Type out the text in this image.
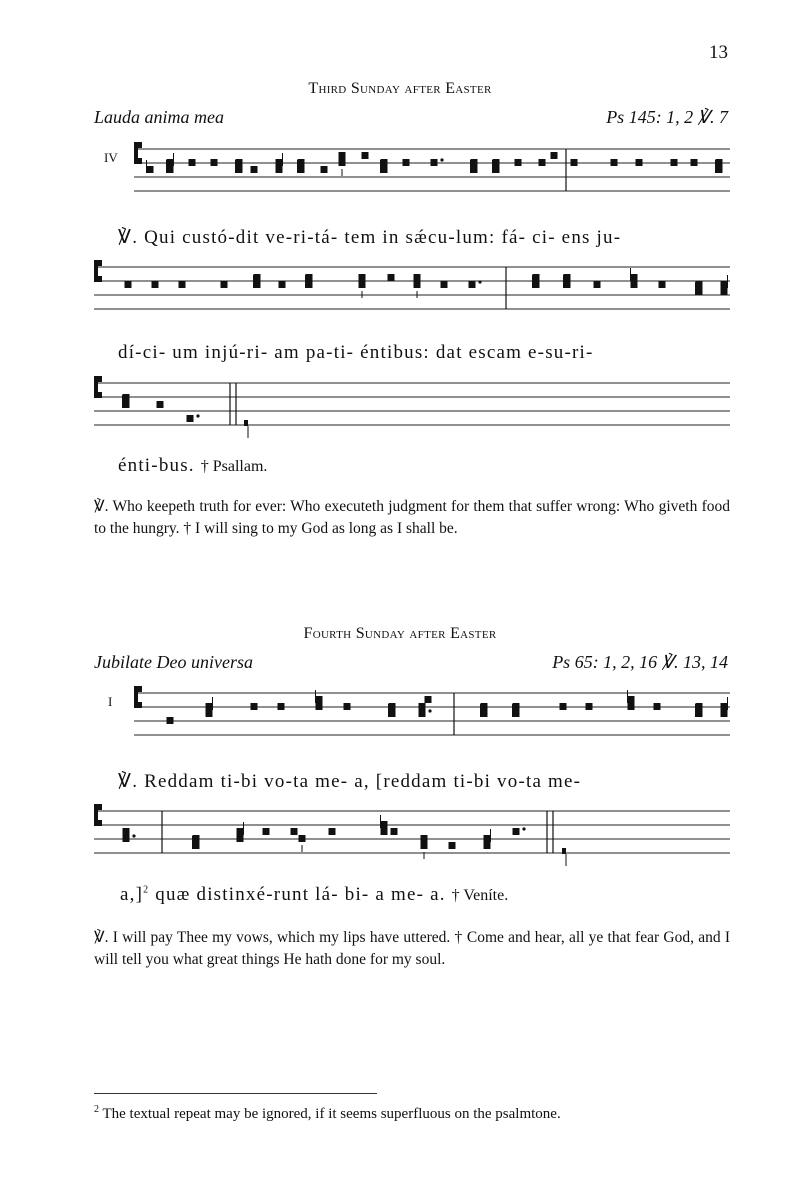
13
Third Sunday after Easter
Lauda anima mea	Ps 145: 1, 2 ℣. 7
IV
℣. Qui custó-dit ve-ri-tá- tem in sǽcu-lum: fá- ci- ens ju-
dí-ci- um injú-ri- am pa-ti- éntibus: dat escam e-su-ri-
énti-bus. † Psallam.
℣. Who keepeth truth for ever: Who executeth judgment for them that suffer wrong: Who giveth food to the hungry. † I will sing to my God as long as I shall be.
Fourth Sunday after Easter
Jubilate Deo universa	Ps 65: 1, 2, 16 ℣. 13, 14
I
℣. Reddam ti-bi vo-ta me- a, [reddam ti-bi vo-ta me-
a,]$^2$ quæ distinxé-runt lá- bi- a me- a. † Veníte.
℣. I will pay Thee my vows, which my lips have uttered. † Come and hear, all ye that fear God, and I will tell you what great things He hath done for my soul.
$^2$ The textual repeat may be ignored, if it seems superfluous on the psalmtone.
